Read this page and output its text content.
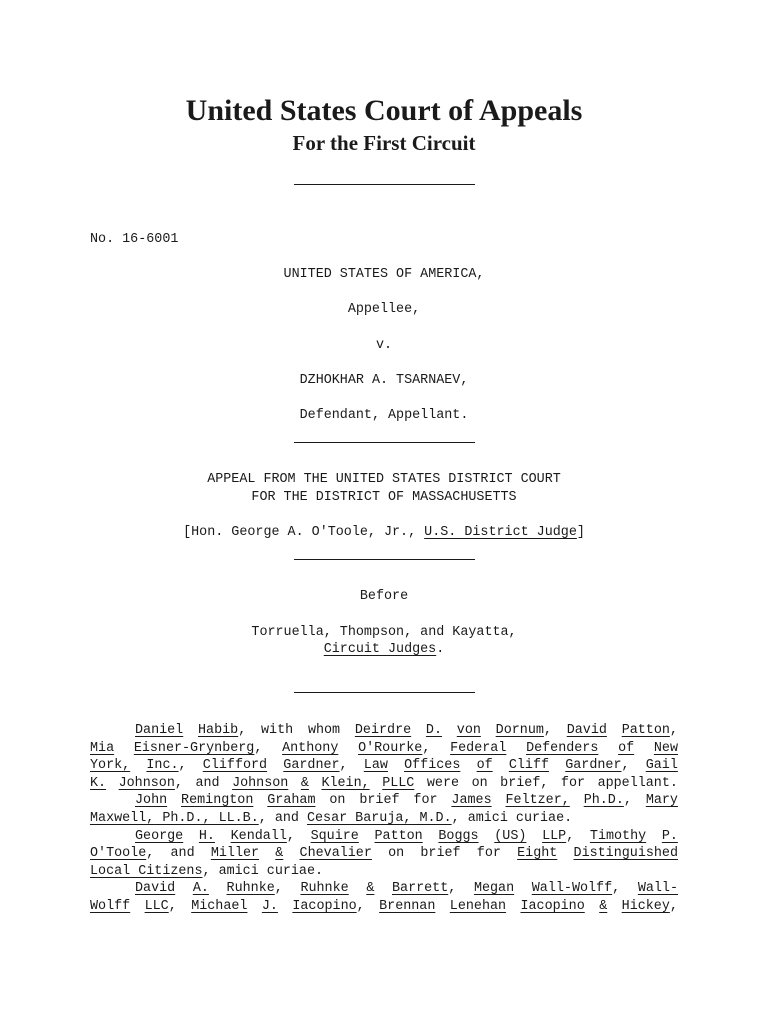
United States Court of Appeals
For the First Circuit
No. 16-6001
UNITED STATES OF AMERICA,
Appellee,
v.
DZHOKHAR A. TSARNAEV,
Defendant, Appellant.
APPEAL FROM THE UNITED STATES DISTRICT COURT
FOR THE DISTRICT OF MASSACHUSETTS
[Hon. George A. O'Toole, Jr., U.S. District Judge]
Before
Torruella, Thompson, and Kayatta,
Circuit Judges.
Daniel Habib, with whom Deirdre D. von Dornum, David Patton,
Mia Eisner-Grynberg, Anthony O'Rourke, Federal Defenders of New
York, Inc., Clifford Gardner, Law Offices of Cliff Gardner, Gail
K. Johnson, and Johnson & Klein, PLLC were on brief, for appellant.
John Remington Graham on brief for James Feltzer, Ph.D., Mary
Maxwell, Ph.D., LL.B. , and Cesar Baruja, M.D. , amici curiae.
George H. Kendall, Squire Patton Boggs (US) LLP, Timothy P.
O'Toole, and Miller & Chevalier on brief for Eight Distinguished
Local Citizens , amici curiae.
David A. Ruhnke, Ruhnke & Barrett, Megan Wall-Wolff, Wall-
Wolff LLC, Michael J. Iacopino, Brennan Lenehan Iacopino & Hickey,
